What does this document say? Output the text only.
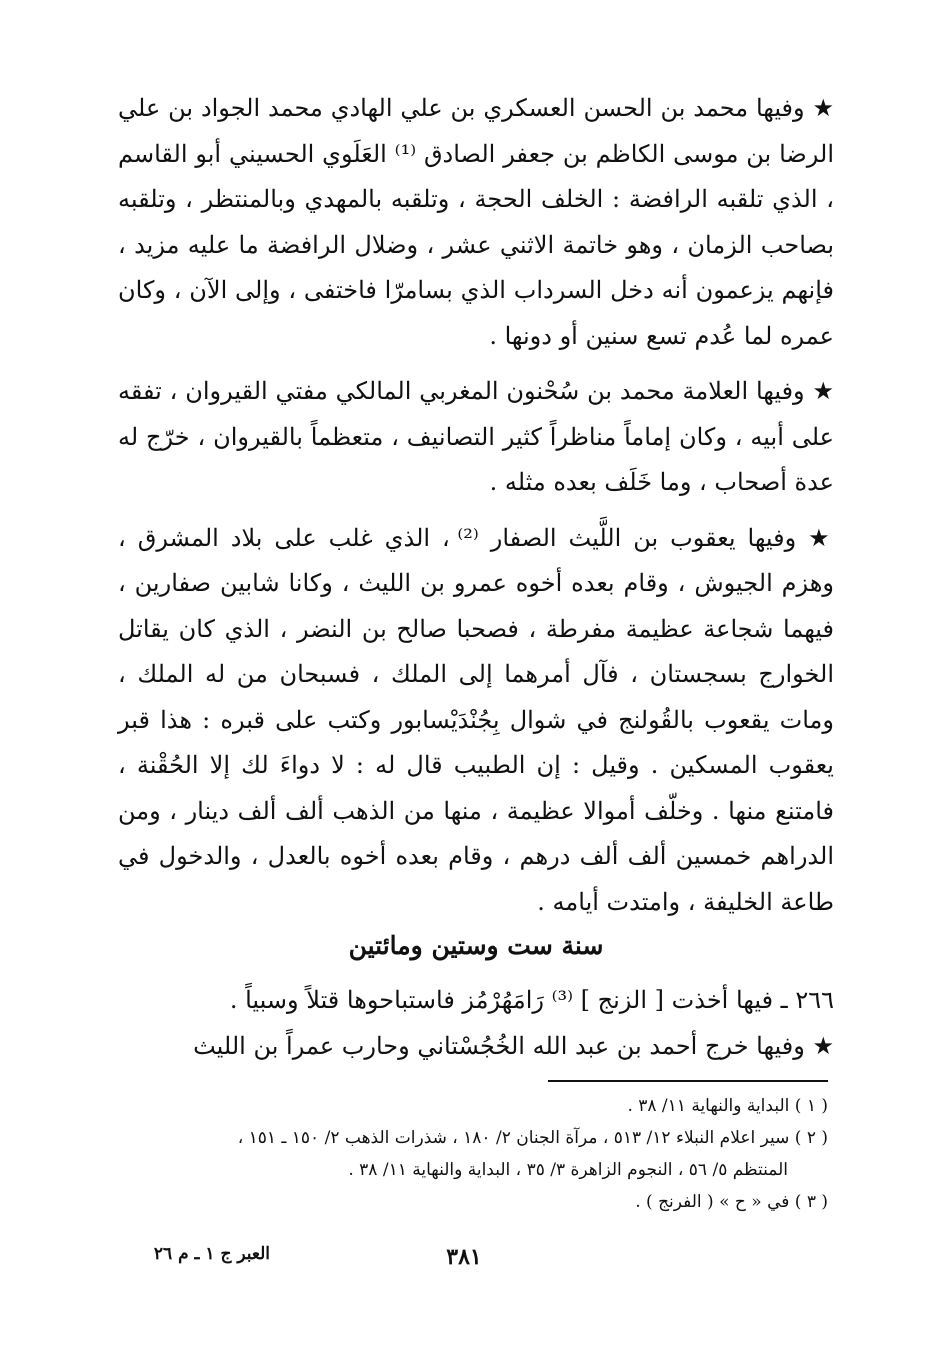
★ وفيها محمد بن الحسن العسكري بن علي الهادي محمد الجواد بن علي الرضا بن موسى الكاظم بن جعفر الصادق ⁽¹⁾ العَلَوي الحسيني أبو القاسم ، الذي تلقبه الرافضة : الخلف الحجة ، وتلقبه بالمهدي وبالمنتظر ، وتلقبه بصاحب الزمان ، وهو خاتمة الاثني عشر ، وضلال الرافضة ما عليه مزيد ، فإنهم يزعمون أنه دخل السرداب الذي بسامرّا فاختفى ، وإلى الآن ، وكان عمره لما عُدم تسع سنين أو دونها .

★ وفيها العلامة محمد بن سُحْنون المغربي المالكي مفتي القيروان ، تفقه على أبيه ، وكان إماماً مناظراً كثير التصانيف ، متعظماً بالقيروان ، خرّج له عدة أصحاب ، وما خَلَف بعده مثله .

★ وفيها يعقوب بن اللَّيث الصفار ⁽²⁾ ، الذي غلب على بلاد المشرق ، وهزم الجيوش ، وقام بعده أخوه عمرو بن الليث ، وكانا شابين صفارين ، فيهما شجاعة عظيمة مفرطة ، فصحبا صالح بن النضر ، الذي كان يقاتل الخوارج بسجستان ، فآل أمرهما إلى الملك ، فسبحان من له الملك ، ومات يقعوب بالقُولنج في شوال بِجُنْدَيْسابور وكتب على قبره : هذا قبر يعقوب المسكين . وقيل : إن الطبيب قال له : لا دواءَ لك إلا الحُقْنة ، فامتنع منها . وخلّف أموالا عظيمة ، منها من الذهب ألف ألف دينار ، ومن الدراهم خمسين ألف ألف درهم ، وقام بعده أخوه بالعدل ، والدخول في طاعة الخليفة ، وامتدت أيامه .

سنة ست وستين ومائتين

٢٦٦ ـ فيها أخذت [ الزنج ] ⁽³⁾ رَامَهُرْمُز فاستباحوها قتلاً وسبياً .

★ وفيها خرج أحمد بن عبد الله الخُجُسْتاني وحارب عمراً بن الليث

( ١ ) البداية والنهاية ١١/ ٣٨ .

( ٢ ) سير اعلام النبلاء ١٢/ ٥١٣ ، مرآة الجنان ٢/ ١٨٠ ، شذرات الذهب ٢/ ١٥٠ ـ ١٥١ ،

المنتظم ٥/ ٥٦ ، النجوم الزاهرة ٣/ ٣٥ ، البداية والنهاية ١١/ ٣٨ .

( ٣ ) في « ح » ( الفرنج ) .

٣٨١
العبر ج ١ ـ م ٢٦
